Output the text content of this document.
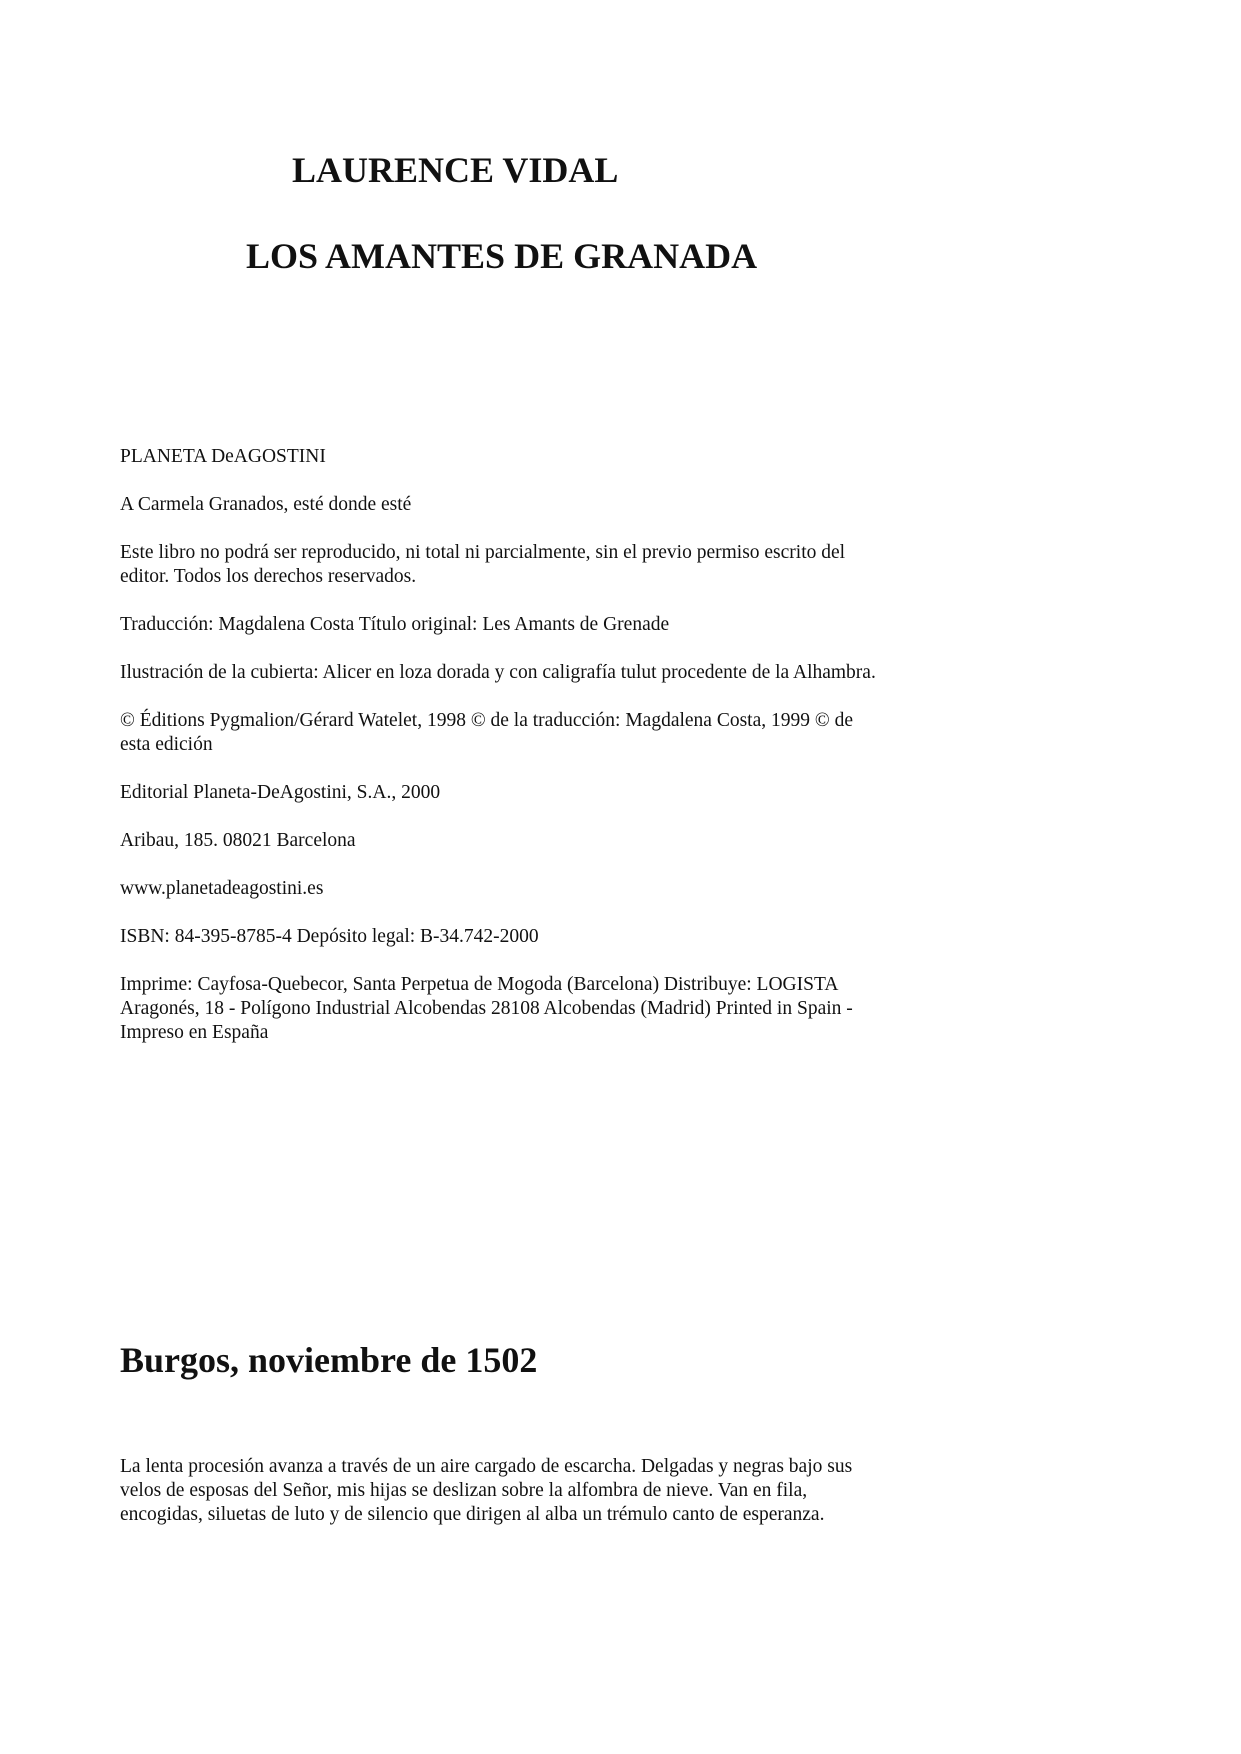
LAURENCE VIDAL
LOS AMANTES DE GRANADA

PLANETA DeAGOSTINI

A Carmela Granados, esté donde esté

Este libro no podrá ser reproducido, ni total ni parcialmente, sin el previo permiso escrito del editor. Todos los derechos reservados.

Traducción: Magdalena Costa Título original: Les Amants de Grenade

Ilustración de la cubierta: Alicer en loza dorada y con caligrafía tulut procedente de la Alhambra.

© Éditions Pygmalion/Gérard Watelet, 1998 © de la traducción: Magdalena Costa, 1999 © de esta edición

Editorial Planeta-DeAgostini, S.A., 2000

Aribau, 185. 08021 Barcelona

www.planetadeagostini.es

ISBN: 84-395-8785-4 Depósito legal: B-34.742-2000

Imprime: Cayfosa-Quebecor, Santa Perpetua de Mogoda (Barcelona) Distribuye: LOGISTA Aragonés, 18 - Polígono Industrial Alcobendas 28108 Alcobendas (Madrid) Printed in Spain - Impreso en España

Burgos, noviembre de 1502

La lenta procesión avanza a través de un aire cargado de escarcha. Delgadas y negras bajo sus velos de esposas del Señor, mis hijas se deslizan sobre la alfombra de nieve. Van en fila, encogidas, siluetas de luto y de silencio que dirigen al alba un trémulo canto de esperanza.
